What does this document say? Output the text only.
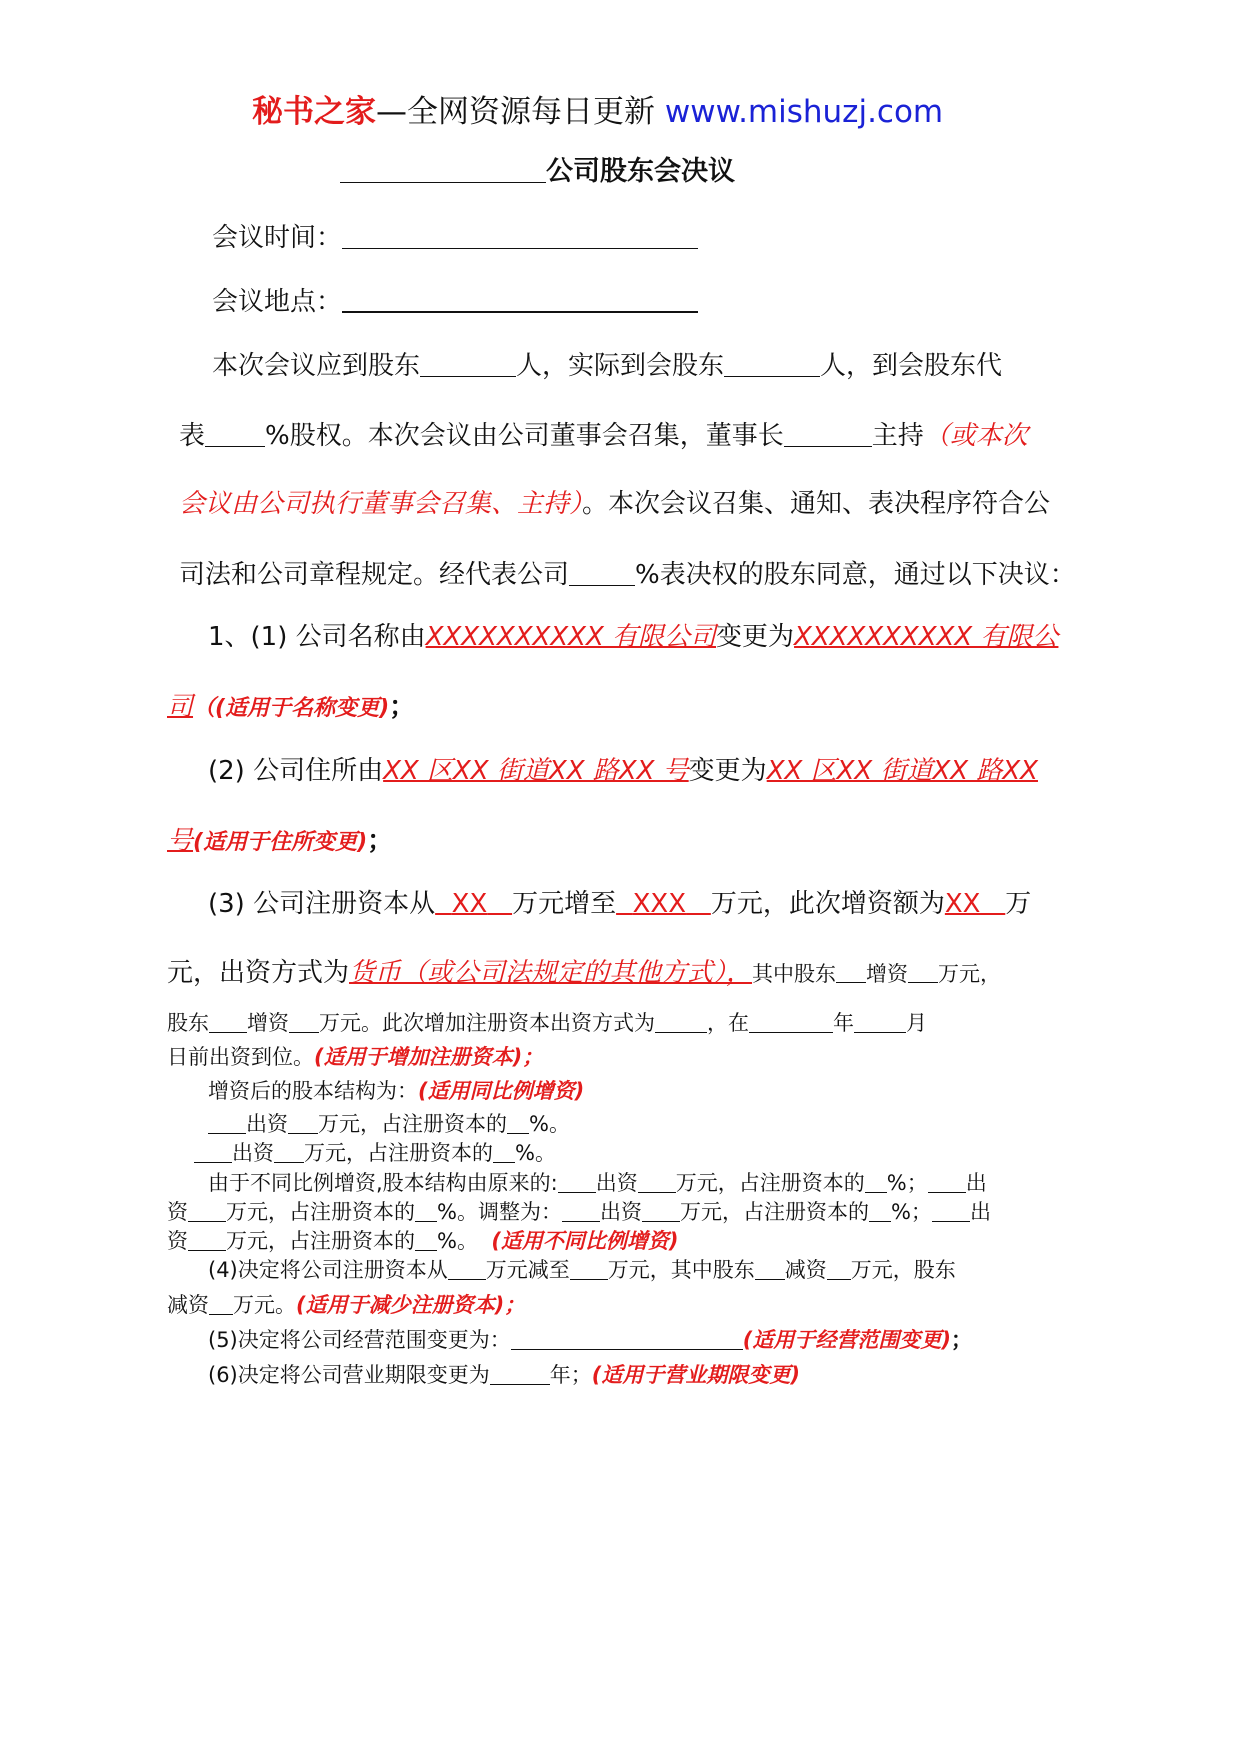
秘书之家—全网资源每日更新 www.mishuzj.com
公司股东会决议
会议时间：
会议地点：
本次会议应到股东	人，实际到会股东	人，到会股东代
表 %股权。本次会议由公司董事会召集，董事长	主持（或本次
会议由公司执行董事会召集、主持）。本次会议召集、通知、表决程序符合公
司法和公司章程规定。经代表公司	%表决权的股东同意，通过以下决议：
1、(1) 公司名称由XXXXXXXXXX 有限公司变更为XXXXXXXXXX 有限公
司（(适用于名称变更)；
(2) 公司住所由XX 区XX 街道XX 路XX 号变更为XX 区XX 街道XX 路XX
号(适用于住所变更)；
(3) 公司注册资本从 XX 万元增至 XXX 万元，此次增资额为XX 万
元，出资方式为货币（或公司法规定的其他方式），其中股东 增资 万元，
股东 增资 万元。此次增加注册资本出资方式为 ，在	年 月
日前出资到位。(适用于增加注册资本)；
增资后的股本结构为：(适用同比例增资)
出资 万元，占注册资本的 %。
出资 万元，占注册资本的 %。
由于不同比例增资,股本结构由原来的: 出资 万元，占注册资本的 %； 出
资 万元，占注册资本的 %。调整为： 出资 万元，占注册资本的 %； 出
资 万元，占注册资本的 %。 (适用不同比例增资)
(4)决定将公司注册资本从 万元减至 万元，其中股东 减资 万元，股东
减资 万元。(适用于减少注册资本)；
(5)决定将公司经营范围变更为：	(适用于经营范围变更)；
(6)决定将公司营业期限变更为	年；(适用于营业期限变更)
